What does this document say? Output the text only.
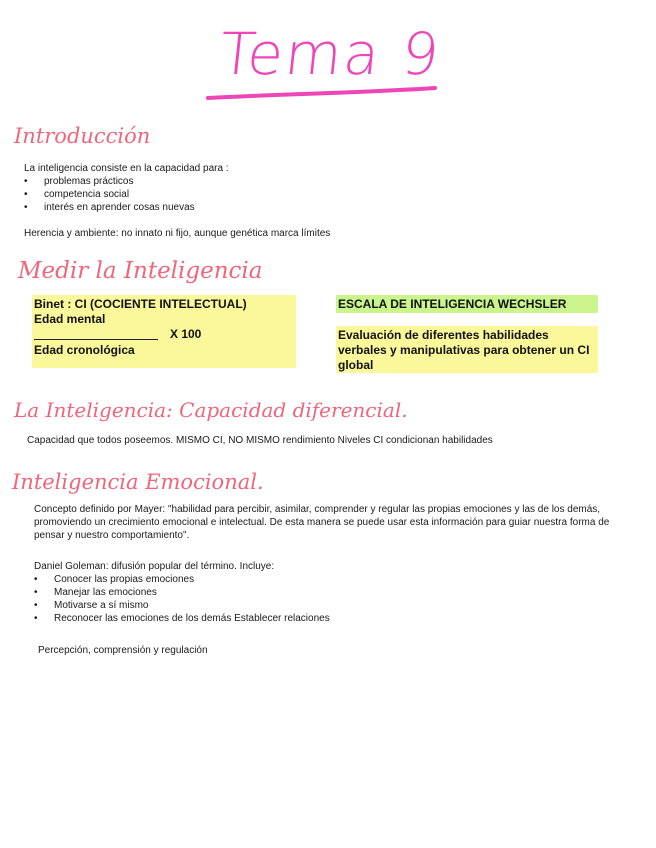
Tema 9
Introducción
La inteligencia consiste en la capacidad para :
• problemas prácticos
• competencia social
• interés en aprender cosas nuevas
Herencia y ambiente: no innato ni fijo, aunque genética marca límites
Medir la Inteligencia
Binet : CI (COCIENTE INTELECTUAL)
Edad mental
X 100
Edad cronológica
ESCALA DE INTELIGENCIA WECHSLER
Evaluación de diferentes habilidades verbales y manipulativas para obtener un CI global
La Inteligencia: Capacidad diferencial.
Capacidad que todos poseemos. MISMO CI, NO MISMO rendimiento Niveles CI condicionan habilidades
Inteligencia Emocional.
Concepto definido por Mayer: "habilidad para percibir, asimilar, comprender y regular las propias emociones y las de los demás, promoviendo un crecimiento emocional e intelectual. De esta manera se puede usar esta información para guiar nuestra forma de pensar y nuestro comportamiento".
Daniel Goleman: difusión popular del término. Incluye:
• Conocer las propias emociones
• Manejar las emociones
• Motivarse a sí mismo
• Reconocer las emociones de los demás Establecer relaciones
Percepción, comprensión y regulación
